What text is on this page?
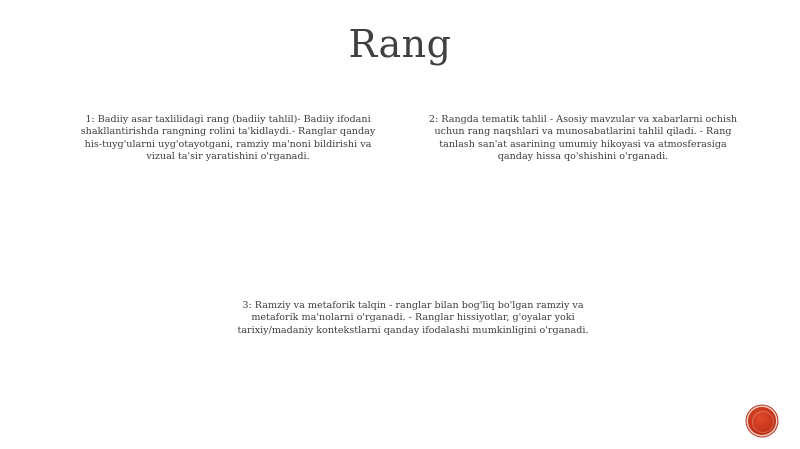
Rang
1: Badiiy asar taxlilidagi rang (badiiy tahlil)- Badiiy ifodani shakllantirishda rangning rolini ta'kidlaydi.- Ranglar qanday his-tuyg'ularni uyg'otayotgani, ramziy ma'noni bildirishi va vizual ta'sir yaratishini o'rganadi.
2: Rangda tematik tahlil - Asosiy mavzular va xabarlarni ochish uchun rang naqshlari va munosabatlarini tahlil qiladi. - Rang tanlash san'at asarining umumiy hikoyasi va atmosferasiga qanday hissa qo'shishini o'rganadi.
3: Ramziy va metaforik talqin - ranglar bilan bog'liq bo'lgan ramziy va metaforik ma'nolarni o'rganadi. - Ranglar hissiyotlar, g'oyalar yoki tarixiy/madaniy kontekstlarni qanday ifodalashi mumkinligini o'rganadi.
